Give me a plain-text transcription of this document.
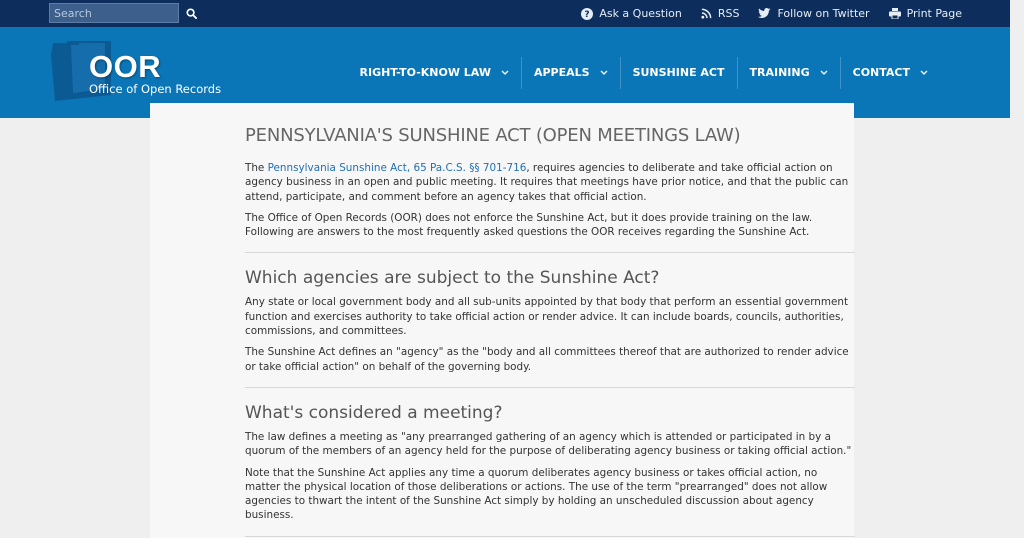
Search
? Ask a Question	RSS	Follow on Twitter	Print Page
OOR
Office of Open Records
RIGHT-TO-KNOW LAW	APPEALS	SUNSHINE ACT TRAINING	CONTACT
PENNSYLVANIA'S SUNSHINE ACT (OPEN MEETINGS LAW)

The Pennsylvania Sunshine Act, 65 Pa.C.S. §§ 701-716, requires agencies to deliberate and take official action on agency business in an open and public meeting. It requires that meetings have prior notice, and that the public can attend, participate, and comment before an agency takes that official action.

The Office of Open Records (OOR) does not enforce the Sunshine Act, but it does provide training on the law. Following are answers to the most frequently asked questions the OOR receives regarding the Sunshine Act.

Which agencies are subject to the Sunshine Act?

Any state or local government body and all sub-units appointed by that body that perform an essential government function and exercises authority to take official action or render advice. It can include boards, councils, authorities, commissions, and committees.

The Sunshine Act defines an "agency" as the "body and all committees thereof that are authorized to render advice or take official action" on behalf of the governing body.

What's considered a meeting?

The law defines a meeting as "any prearranged gathering of an agency which is attended or participated in by a quorum of the members of an agency held for the purpose of deliberating agency business or taking official action."

Note that the Sunshine Act applies any time a quorum deliberates agency business or takes official action, no matter the physical location of those deliberations or actions. The use of the term "prearranged" does not allow agencies to thwart the intent of the Sunshine Act simply by holding an unscheduled discussion about agency business.
